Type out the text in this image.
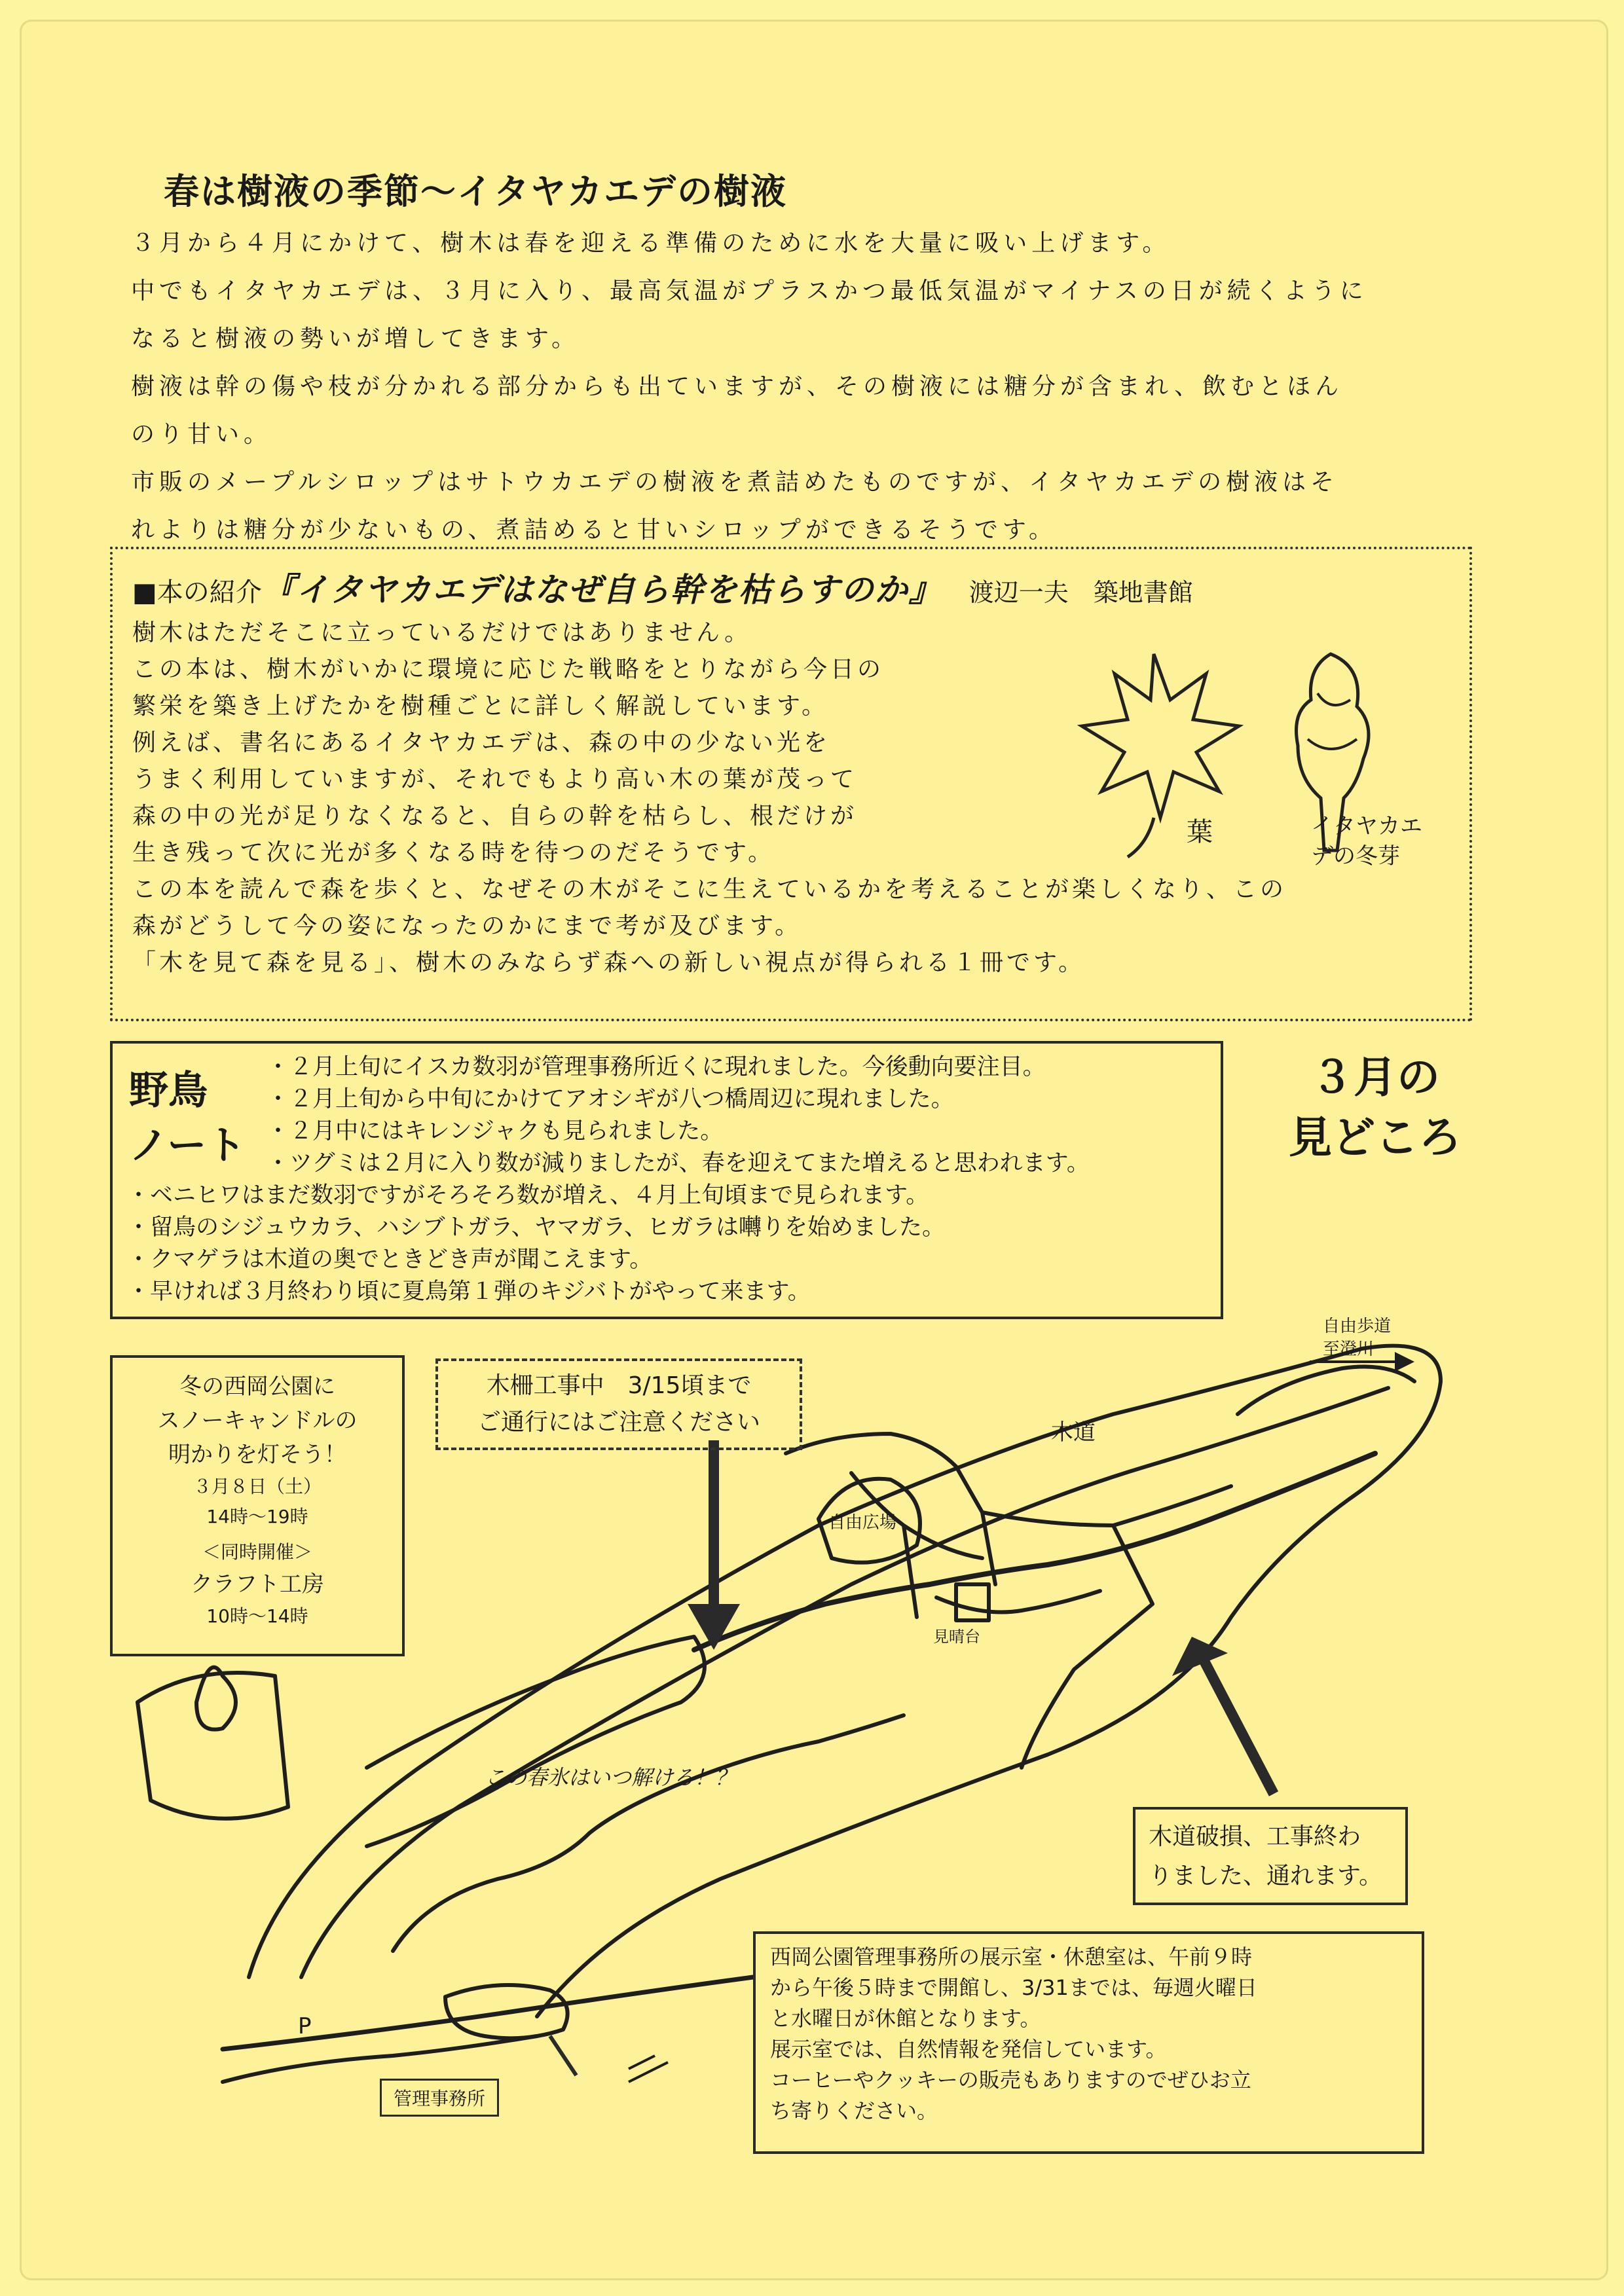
春は樹液の季節～イタヤカエデの樹液
３月から４月にかけて、樹木は春を迎える準備のために水を大量に吸い上げます。
中でもイタヤカエデは、３月に入り、最高気温がプラスかつ最低気温がマイナスの日が続くように
なると樹液の勢いが増してきます。
樹液は幹の傷や枝が分かれる部分からも出ていますが、その樹液には糖分が含まれ、飲むとほん
のり甘い。
市販のメープルシロップはサトウカエデの樹液を煮詰めたものですが、イタヤカエデの樹液はそ
れよりは糖分が少ないもの、煮詰めると甘いシロップができるそうです。
■本の紹介『イタヤカエデはなぜ自ら幹を枯らすのか』 渡辺一夫　築地書館
樹木はただそこに立っているだけではありません。
この本は、樹木がいかに環境に応じた戦略をとりながら今日の
繁栄を築き上げたかを樹種ごとに詳しく解説しています。
例えば、書名にあるイタヤカエデは、森の中の少ない光を
うまく利用していますが、それでもより高い木の葉が茂って
森の中の光が足りなくなると、自らの幹を枯らし、根だけが
生き残って次に光が多くなる時を待つのだそうです。
この本を読んで森を歩くと、なぜその木がそこに生えているかを考えることが楽しくなり、この
森がどうして今の姿になったのかにまで考が及びます。
「木を見て森を見る」、樹木のみならず森への新しい視点が得られる１冊です。
葉	イタヤカエデの冬芽
野鳥
ノート
・２月上旬にイスカ数羽が管理事務所近くに現れました。今後動向要注目。
・２月上旬から中旬にかけてアオシギが八つ橋周辺に現れました。
・２月中にはキレンジャクも見られました。
・ツグミは２月に入り数が減りましたが、春を迎えてまた増えると思われます。
・ベニヒワはまだ数羽ですがそろそろ数が増え、４月上旬頃まで見られます。
・留鳥のシジュウカラ、ハシブトガラ、ヤマガラ、ヒガラは囀りを始めました。
・クマゲラは木道の奥でときどき声が聞こえます。
・早ければ３月終わり頃に夏鳥第１弾のキジバトがやって来ます。
３月の
見どころ
冬の西岡公園に
スノーキャンドルの
明かりを灯そう！
３月８日（土）
14時～19時
＜同時開催＞
クラフト工房
10時～14時
木柵工事中　3/15頃まで
ご通行にはご注意ください	木道
自由歩道
至澄川
自由広場
見晴台
この春氷はいつ解ける！？
P
管理事務所
木道破損、工事終わ
りました、通れます。
西岡公園管理事務所の展示室・休憩室は、午前９時
から午後５時まで開館し、3/31までは、毎週火曜日
と水曜日が休館となります。
展示室では、自然情報を発信しています。
コーヒーやクッキーの販売もありますのでぜひお立
ち寄りください。
